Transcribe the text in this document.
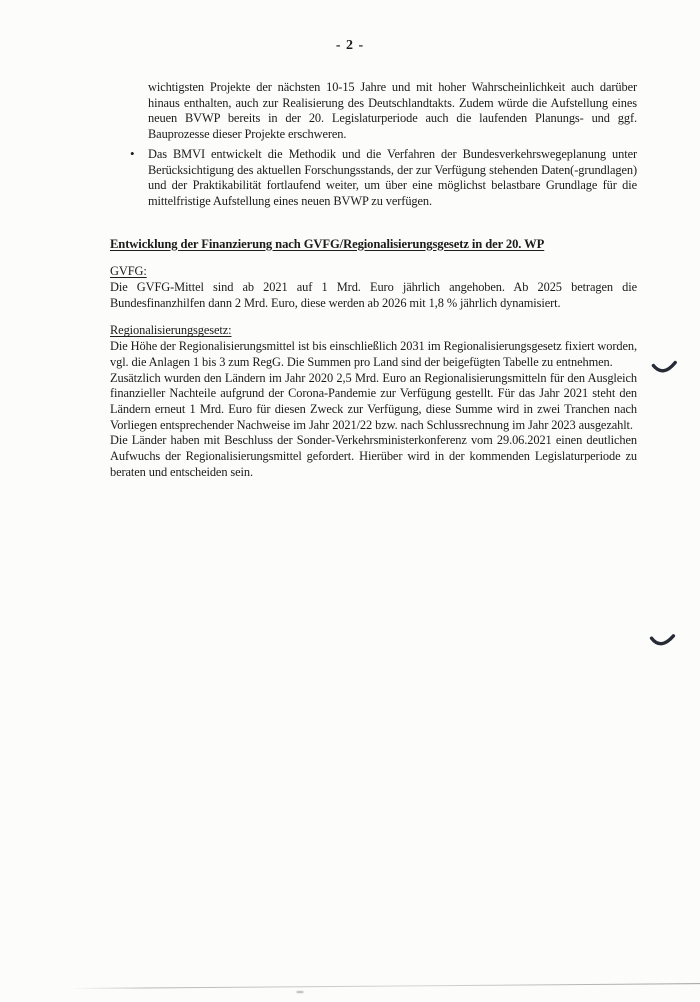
- 2 -

wichtigsten Projekte der nächsten 10-15 Jahre und mit hoher Wahrscheinlichkeit auch darüber hinaus enthalten, auch zur Realisierung des Deutschlandtakts. Zudem würde die Aufstellung eines neuen BVWP bereits in der 20. Legislaturperiode auch die laufenden Planungs- und ggf. Bauprozesse dieser Projekte erschweren.

• Das BMVI entwickelt die Methodik und die Verfahren der Bundesverkehrswegeplanung unter Berücksichtigung des aktuellen Forschungsstands, der zur Verfügung stehenden Daten(-grundlagen) und der Praktikabilität fortlaufend weiter, um über eine möglichst belastbare Grundlage für die mittelfristige Aufstellung eines neuen BVWP zu verfügen.

Entwicklung der Finanzierung nach GVFG/Regionalisierungsgesetz in der 20. WP

GVFG:

Die GVFG-Mittel sind ab 2021 auf 1 Mrd. Euro jährlich angehoben. Ab 2025 betragen die Bundesfinanzhilfen dann 2 Mrd. Euro, diese werden ab 2026 mit 1,8 % jährlich dynamisiert.

Regionalisierungsgesetz:

Die Höhe der Regionalisierungsmittel ist bis einschließlich 2031 im Regionalisierungsgesetz fixiert worden, vgl. die Anlagen 1 bis 3 zum RegG. Die Summen pro Land sind der beigefügten Tabelle zu entnehmen.

Zusätzlich wurden den Ländern im Jahr 2020 2,5 Mrd. Euro an Regionalisierungsmitteln für den Ausgleich finanzieller Nachteile aufgrund der Corona-Pandemie zur Verfügung gestellt. Für das Jahr 2021 steht den Ländern erneut 1 Mrd. Euro für diesen Zweck zur Verfügung, diese Summe wird in zwei Tranchen nach Vorliegen entsprechender Nachweise im Jahr 2021/22 bzw. nach Schlussrechnung im Jahr 2023 ausgezahlt.

Die Länder haben mit Beschluss der Sonder-Verkehrsministerkonferenz vom 29.06.2021 einen deutlichen Aufwuchs der Regionalisierungsmittel gefordert. Hierüber wird in der kommenden Legislaturperiode zu beraten und entscheiden sein.
